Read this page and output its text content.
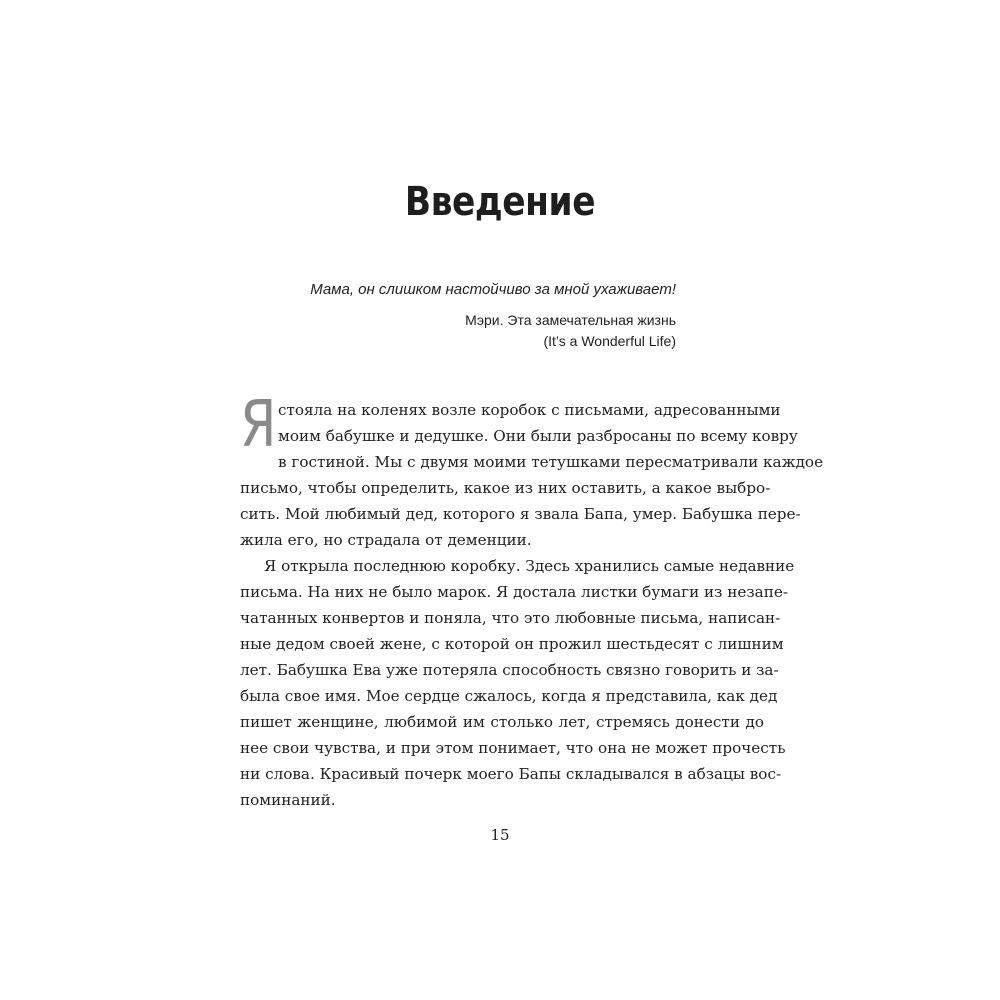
Введение

Мама, он слишком настойчиво за мной ухаживает!

Мэри. Эта замечательная жизнь

(It’s a Wonderful Life)

Я стояла на коленях возле коробок с письмами, адресованными
моим бабушке и дедушке. Они были разбросаны по всему ковру
в гостиной. Мы с двумя моими тетушками пересматривали каждое
письмо, чтобы определить, какое из них оставить, а какое выбро-
сить. Мой любимый дед, которого я звала Бапа, умер. Бабушка пере-
жила его, но страдала от деменции.
Я открыла последнюю коробку. Здесь хранились самые недавние
письма. На них не было марок. Я достала листки бумаги из незапе-
чатанных конвертов и поняла, что это любовные письма, написан-
ные дедом своей жене, с которой он прожил шестьдесят с лишним
лет. Бабушка Ева уже потеряла способность связно говорить и за-
была свое имя. Мое сердце сжалось, когда я представила, как дед
пишет женщине, любимой им столько лет, стремясь донести до
нее свои чувства, и при этом понимает, что она не может прочесть
ни слова. Красивый почерк моего Бапы складывался в абзацы вос-
поминаний.
15
